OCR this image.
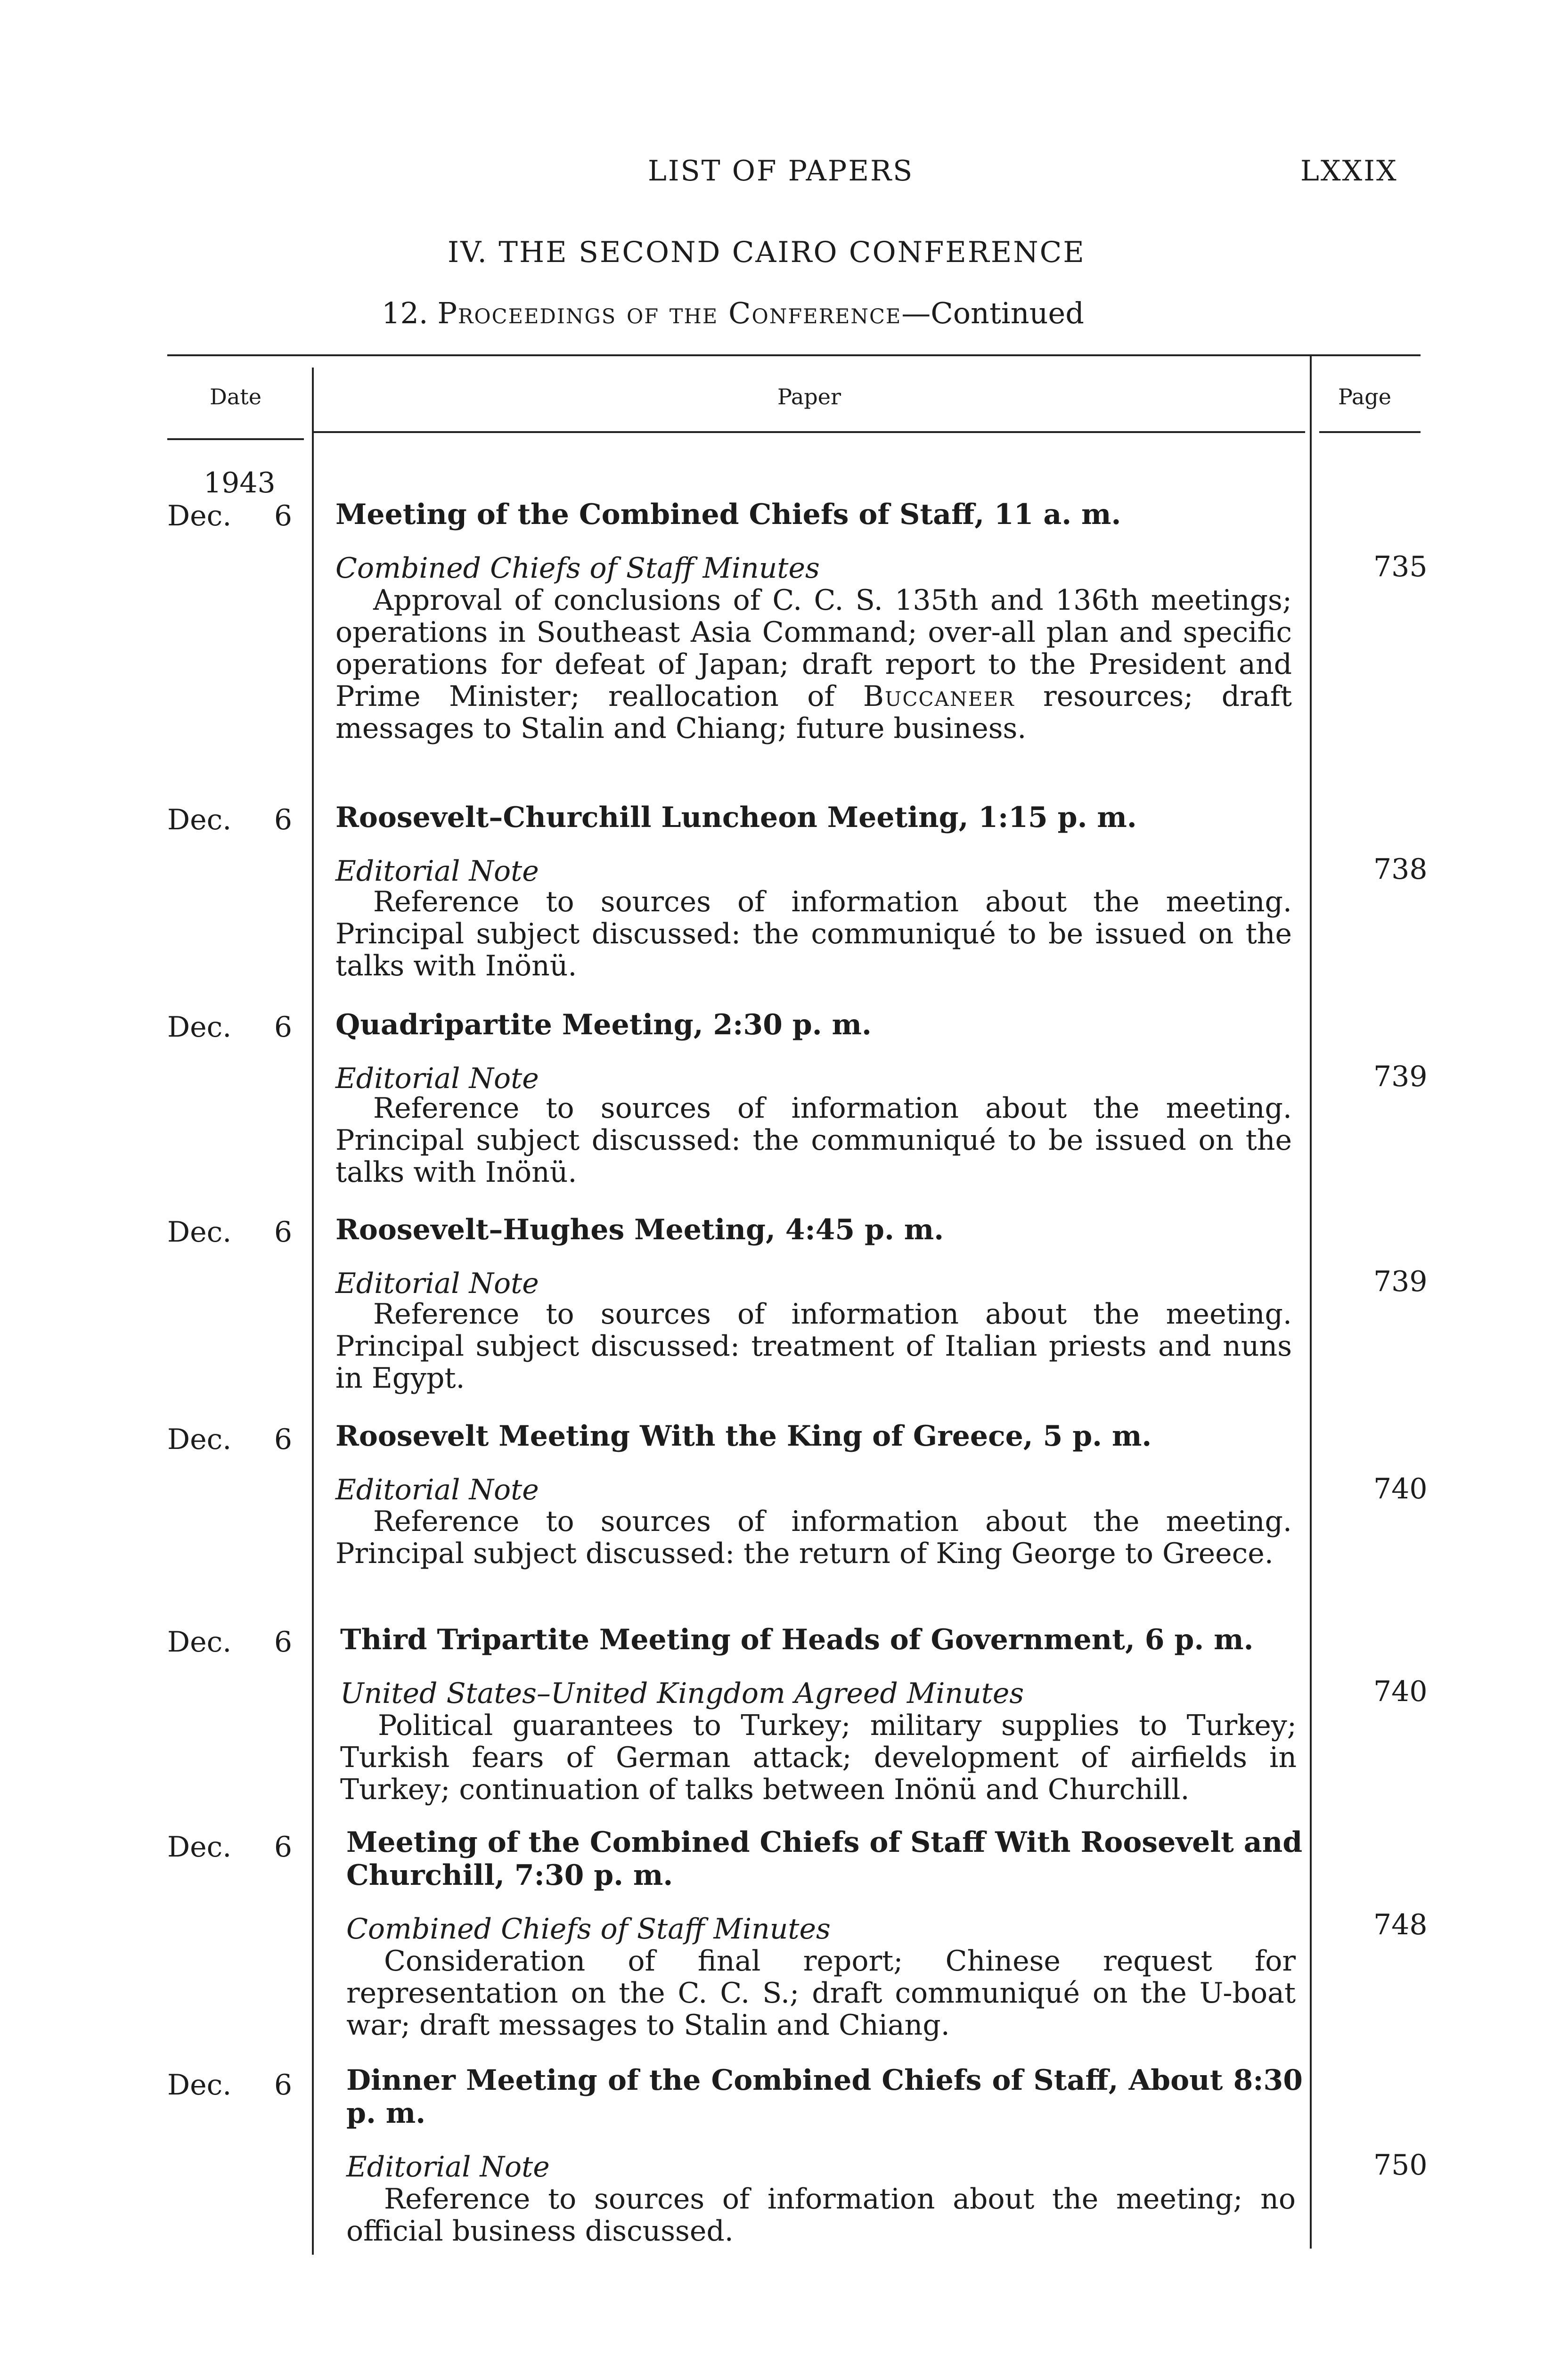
LIST OF PAPERS	LXXIX
IV. THE SECOND CAIRO CONFERENCE
12. Proceedings of the Conference—Continued
Date	Paper	Page
1943
Dec. 6 Meeting of the Combined Chiefs of Staff, 11 a. m.
Combined Chiefs of Staff Minutes	735
Approval of conclusions of C. C. S. 135th and 136th meetings; operations in Southeast Asia Command; over-all plan and specific operations for defeat of Japan; draft report to the President and Prime Minister; reallocation of Buccaneer resources; draft messages to Stalin and Chiang; future business.
Dec. 6 Roosevelt–Churchill Luncheon Meeting, 1:15 p. m.
Editorial Note	738
Reference to sources of information about the meeting. Principal subject discussed: the communiqué to be issued on the talks with Inönü.
Dec. 6 Quadripartite Meeting, 2:30 p. m.
Editorial Note	739
Reference to sources of information about the meeting. Principal subject discussed: the communiqué to be issued on the talks with Inönü.
Dec. 6 Roosevelt–Hughes Meeting, 4:45 p. m.
Editorial Note	739
Reference to sources of information about the meeting. Principal subject discussed: treatment of Italian priests and nuns in Egypt.
Dec. 6 Roosevelt Meeting With the King of Greece, 5 p. m.
Editorial Note	740
Reference to sources of information about the meeting. Principal subject discussed: the return of King George to Greece.
Dec. 6 Third Tripartite Meeting of Heads of Government, 6 p. m.
United States–United Kingdom Agreed Minutes	740
Political guarantees to Turkey; military supplies to Turkey; Turkish fears of German attack; development of airfields in Turkey; continuation of talks between Inönü and Churchill.
Dec. 6 Meeting of the Combined Chiefs of Staff With Roosevelt and Churchill, 7:30 p. m.
Combined Chiefs of Staff Minutes	748
Consideration of final report; Chinese request for representation on the C. C. S.; draft communiqué on the U-boat war; draft messages to Stalin and Chiang.
Dec. 6 Dinner Meeting of the Combined Chiefs of Staff, About 8:30 p. m.
Editorial Note	750
Reference to sources of information about the meeting; no official business discussed.
